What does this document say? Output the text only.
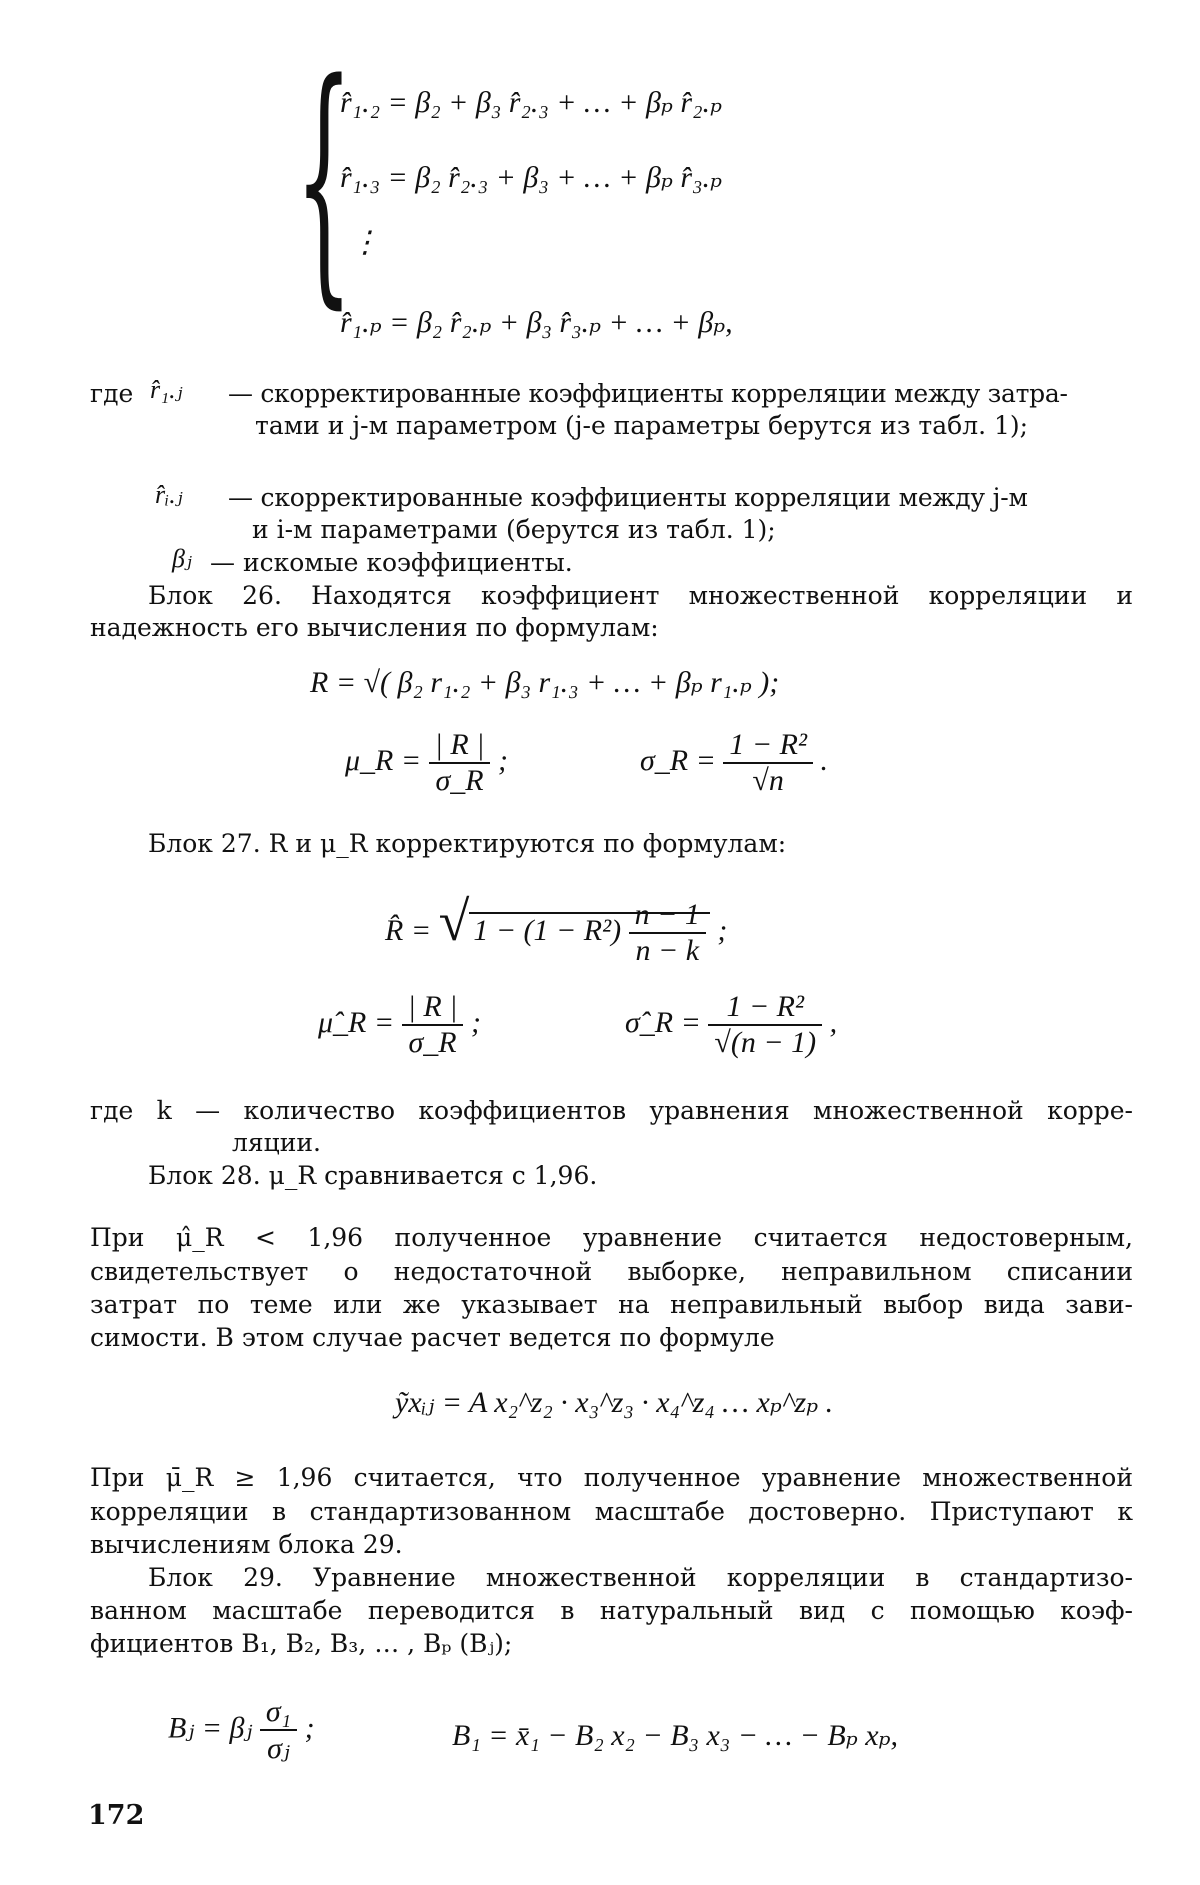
{
r̂₁.₂ = β₂ + β₃ r̂₂.₃ + … + βₚ r̂₂.ₚ
r̂₁.₃ = β₂ r̂₂.₃ + β₃ + … + βₚ r̂₃.ₚ
⋮
r̂₁.ₚ = β₂ r̂₂.ₚ + β₃ r̂₃.ₚ + … + βₚ,
где r̂₁.ⱼ — скорректированные коэффициенты корреляции между затра-
тами и j-м параметром (j-е параметры берутся из табл. 1);
r̂ᵢ.ⱼ — скорректированные коэффициенты корреляции между j-м
и i-м параметрами (берутся из табл. 1);
βⱼ — искомые коэффициенты.
Блок 26. Находятся коэффициент множественной корреляции и
надежность его вычисления по формулам:
R = √( β₂ r₁.₂ + β₃ r₁.₃ + … + βₚ r₁.ₚ );
μ_R = $\frac{| R |}{\sigma\_R}$ ;	σ_R = $\frac{\text{1 − R²}}{√n}$ .
Блок 27. R и μ_R корректируются по формулам:
R̂ = √ $1 - (1 - R^2) \frac{n - 1}{n - k}$ ;
μ̂_R = $\frac{| R |}{\sigma\_R}$ ;	σ̂_R = $\frac{\text{1 − R²}}{√(n - 1)}$ ,
где k — количество коэффициентов уравнения множественной корре-
ляции.
Блок 28. μ_R сравнивается с 1,96.
При μ̂_R < 1,96 полученное уравнение считается недостоверным,
свидетельствует о недостаточной выборке, неправильном списании
затрат по теме или же указывает на неправильный выбор вида зави-
симости. В этом случае расчет ведется по формуле
ỹxᵢⱼ = A x₂^z₂ · x₃^z₃ · x₄^z₄ … xₚ^zₚ .
При μ̄_R ≥ 1,96 считается, что полученное уравнение множественной
корреляции в стандартизованном масштабе достоверно. Приступают к
вычислениям блока 29.
Блок 29. Уравнение множественной корреляции в стандартизо-
ванном масштабе переводится в натуральный вид с помощью коэф-
фициентов B₁, B₂, B₃, … , Bₚ (Bⱼ);
Bⱼ = βⱼ $\frac{\text{σ₁}}{\text{σⱼ}}$ ;	B₁ = x̄₁ − B₂ x₂ − B₃ x₃ − … − Bₚ xₚ,
172
